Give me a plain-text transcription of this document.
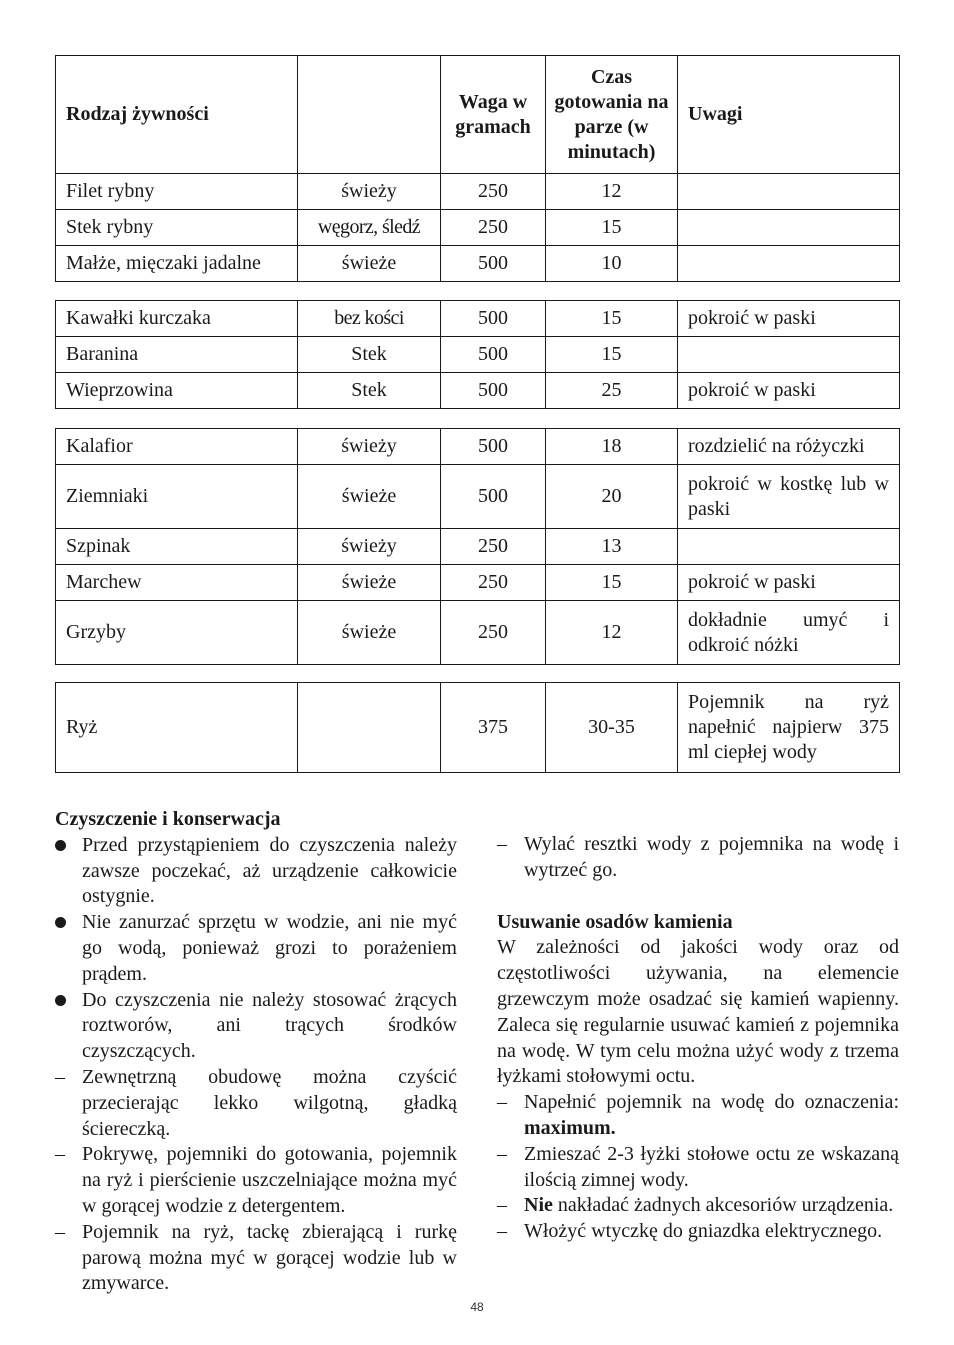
Rodzaj żywności		Waga w gramach	Czas gotowania na parze (w minutach)	Uwagi
Filet rybny	świeży	250	12	
Stek rybny	węgorz, śledź	250	15	
Małże, mięczaki jadalne	świeże	500	10	
Kawałki kurczaka	bez kości	500	15	pokroić w paski
Baranina	Stek	500	15	
Wieprzowina	Stek	500	25	pokroić w paski
Kalafior	świeży	500	18	rozdzielić na różyczki
Ziemniaki	świeże	500	20	pokroić w kostkę lub w paski
Szpinak	świeży	250	13	
Marchew	świeże	250	15	pokroić w paski
Grzyby	świeże	250	12	dokładnie umyć i odkroić nóżki
Ryż		375	30-35	Pojemnik na ryż napełnić najpierw 375 ml ciepłej wody

Czyszczenie i konserwacja

Przed przystąpieniem do czyszczenia należy zawsze poczekać, aż urządzenie całkowicie ostygnie.
Nie zanurzać sprzętu w wodzie, ani nie myć go wodą, ponieważ grozi to porażeniem prądem.
Do czyszczenia nie należy stosować żrących roztworów, ani trących środków czyszczących.
– Zewnętrzną obudowę można czyścić przecierając lekko wilgotną, gładką ściereczką.
– Pokrywę, pojemniki do gotowania, pojemnik na ryż i pierścienie uszczelniające można myć w gorącej wodzie z detergentem.
– Pojemnik na ryż, tackę zbierającą i rurkę parową można myć w gorącej wodzie lub w zmywarce.
– Wylać resztki wody z pojemnika na wodę i wytrzeć go.

Usuwanie osadów kamienia

W zależności od jakości wody oraz od częstotliwości używania, na elemencie grzewczym może osadzać się kamień wapienny. Zaleca się regularnie usuwać kamień z pojemnika na wodę. W tym celu można użyć wody z trzema łyżkami stołowymi octu.

– Napełnić pojemnik na wodę do oznaczenia: maximum.
– Zmieszać 2-3 łyżki stołowe octu ze wskazaną ilością zimnej wody.
– Nie nakładać żadnych akcesoriów urządzenia.
– Włożyć wtyczkę do gniazdka elektrycznego.
48
